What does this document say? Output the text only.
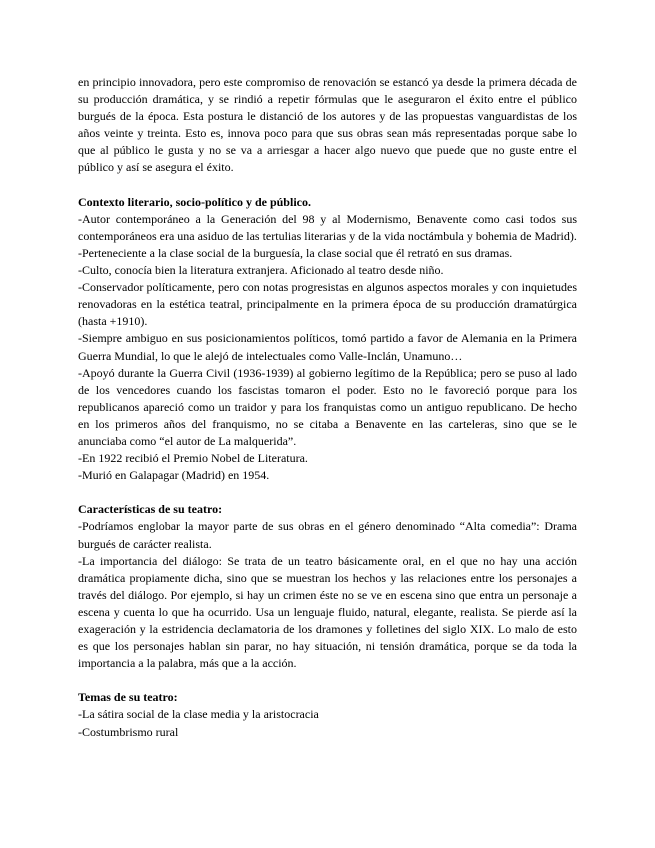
en principio innovadora, pero este compromiso de renovación se estancó ya desde la primera década de su producción dramática, y se rindió a repetir fórmulas que le aseguraron el éxito entre el público burgués de la época. Esta postura le distanció de los autores y de las propuestas vanguardistas de los años veinte y treinta. Esto es, innova poco para que sus obras sean más representadas porque sabe lo que al público le gusta y no se va a arriesgar a hacer algo nuevo que puede que no guste entre el público y así se asegura el éxito.

Contexto literario, socio-político y de público.

-Autor contemporáneo a la Generación del 98 y al Modernismo, Benavente como casi todos sus contemporáneos era una asiduo de las tertulias literarias y de la vida noctámbula y bohemia de Madrid).

-Perteneciente a la clase social de la burguesía, la clase social que él retrató en sus dramas.

-Culto, conocía bien la literatura extranjera. Aficionado al teatro desde niño.

-Conservador políticamente, pero con notas progresistas en algunos aspectos morales y con inquietudes renovadoras en la estética teatral, principalmente en la primera época de su producción dramatúrgica (hasta +1910).

-Siempre ambiguo en sus posicionamientos políticos, tomó partido a favor de Alemania en la Primera Guerra Mundial, lo que le alejó de intelectuales como Valle-Inclán, Unamuno…

-Apoyó durante la Guerra Civil (1936-1939) al gobierno legítimo de la República; pero se puso al lado de los vencedores cuando los fascistas tomaron el poder. Esto no le favoreció porque para los republicanos apareció como un traidor y para los franquistas como un antiguo republicano. De hecho en los primeros años del franquismo, no se citaba a Benavente en las carteleras, sino que se le anunciaba como “el autor de La malquerida”.

-En 1922 recibió el Premio Nobel de Literatura.

-Murió en Galapagar (Madrid) en 1954.

Características de su teatro:

-Podríamos englobar la mayor parte de sus obras en el género denominado “Alta comedia”: Drama burgués de carácter realista.

-La importancia del diálogo: Se trata de un teatro básicamente oral, en el que no hay una acción dramática propiamente dicha, sino que se muestran los hechos y las relaciones entre los personajes a través del diálogo. Por ejemplo, si hay un crimen éste no se ve en escena sino que entra un personaje a escena y cuenta lo que ha ocurrido. Usa un lenguaje fluido, natural, elegante, realista. Se pierde así la exageración y la estridencia declamatoria de los dramones y folletines del siglo XIX. Lo malo de esto es que los personajes hablan sin parar, no hay situación, ni tensión dramática, porque se da toda la importancia a la palabra, más que a la acción.

Temas de su teatro:

-La sátira social de la clase media y la aristocracia

-Costumbrismo rural
